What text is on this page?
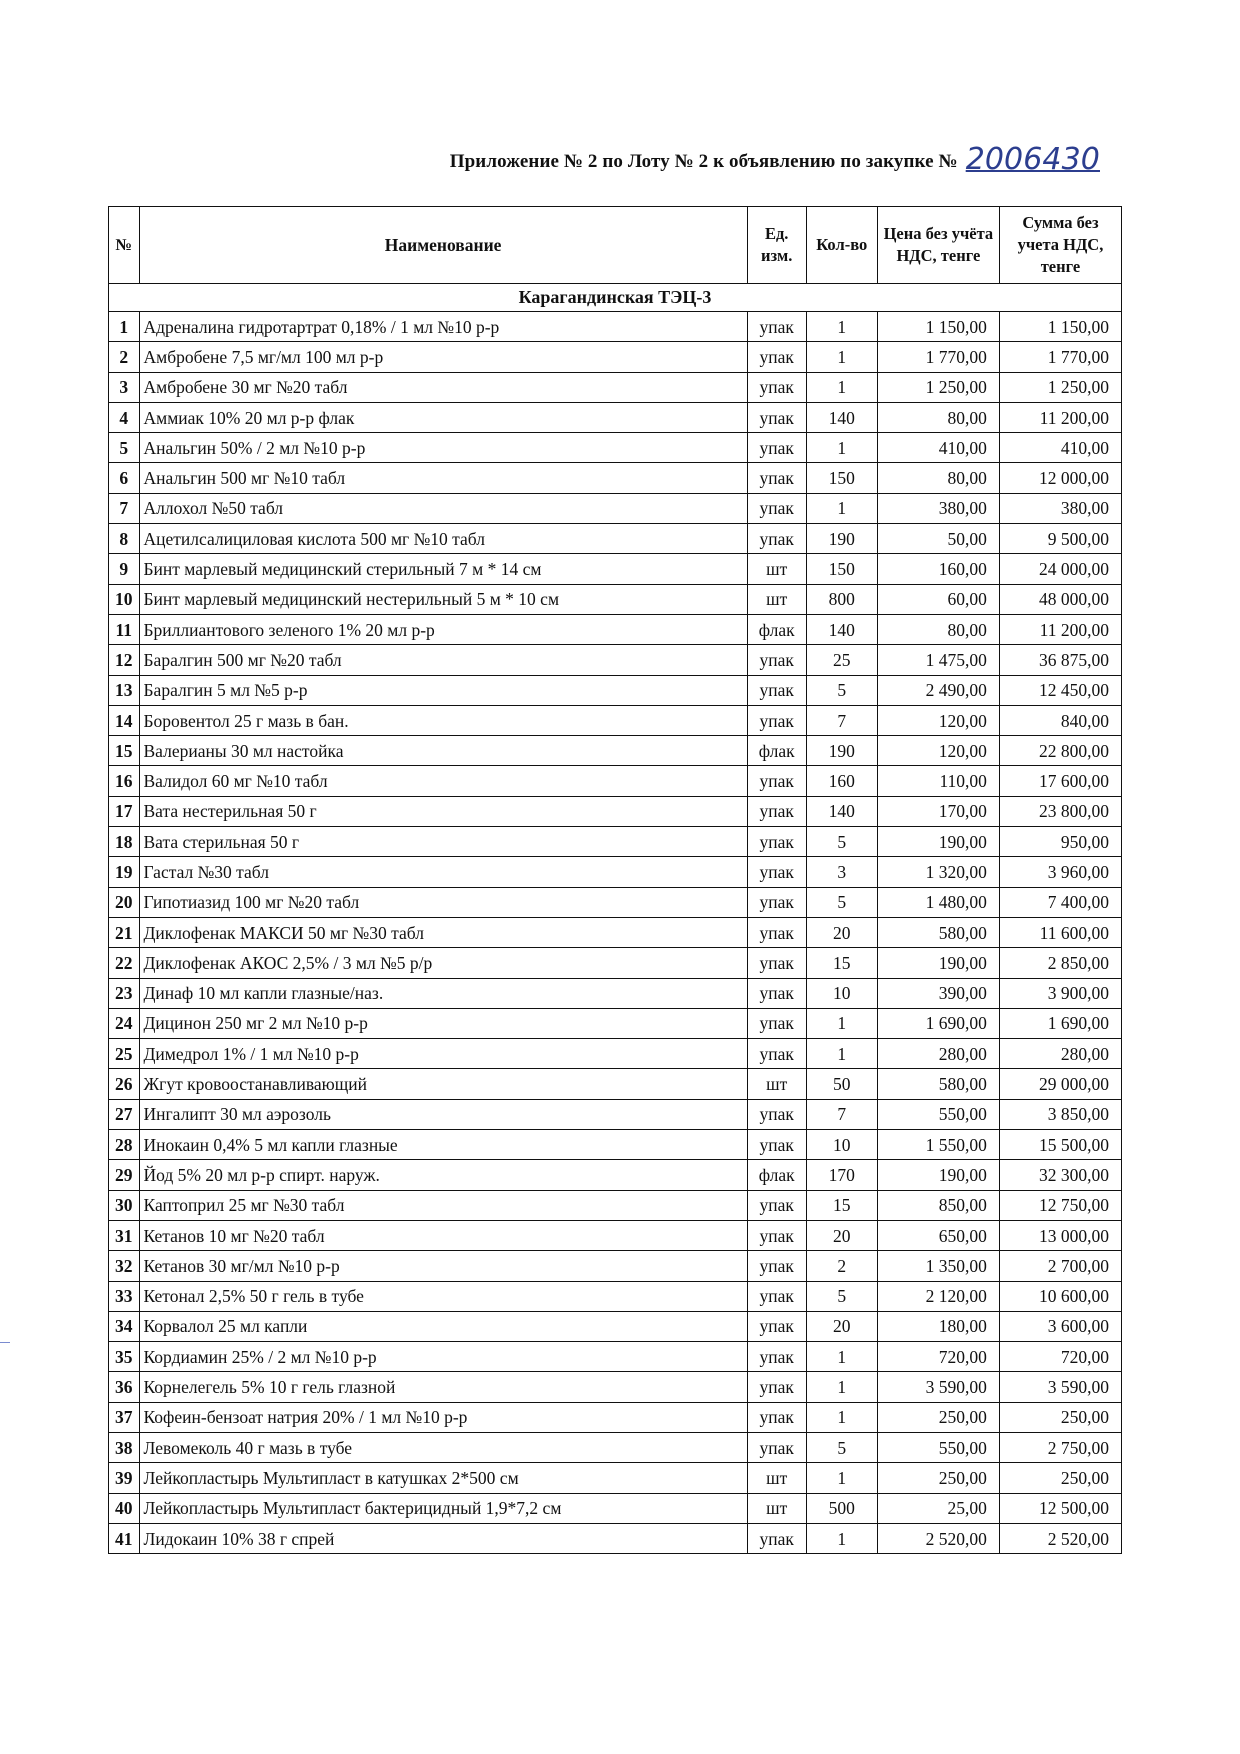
Приложение № 2 по Лоту № 2 к объявлению по закупке № 2006430
№	Наименование	Ед. изм.	Кол-во	Цена без учёта НДС, тенге	Сумма без учета НДС, тенге
Карагандинская ТЭЦ-3					
1	Адреналина гидротартрат 0,18% / 1 мл №10 р-р	упак	1	1 150,00	1 150,00
2	Амбробене 7,5 мг/мл 100 мл р-р	упак	1	1 770,00	1 770,00
3	Амбробене 30 мг №20 табл	упак	1	1 250,00	1 250,00
4	Аммиак 10% 20 мл р-р флак	упак	140	80,00	11 200,00
5	Анальгин 50% / 2 мл №10 р-р	упак	1	410,00	410,00
6	Анальгин 500 мг №10 табл	упак	150	80,00	12 000,00
7	Аллохол №50 табл	упак	1	380,00	380,00
8	Ацетилсалициловая кислота 500 мг №10 табл	упак	190	50,00	9 500,00
9	Бинт марлевый медицинский стерильный 7 м * 14 см	шт	150	160,00	24 000,00
10	Бинт марлевый медицинский нестерильный 5 м * 10 см	шт	800	60,00	48 000,00
11	Бриллиантового зеленого 1% 20 мл р-р	флак	140	80,00	11 200,00
12	Баралгин 500 мг №20 табл	упак	25	1 475,00	36 875,00
13	Баралгин 5 мл №5 р-р	упак	5	2 490,00	12 450,00
14	Боровентол 25 г мазь в бан.	упак	7	120,00	840,00
15	Валерианы 30 мл настойка	флак	190	120,00	22 800,00
16	Валидол 60 мг №10 табл	упак	160	110,00	17 600,00
17	Вата нестерильная 50 г	упак	140	170,00	23 800,00
18	Вата стерильная 50 г	упак	5	190,00	950,00
19	Гастал №30 табл	упак	3	1 320,00	3 960,00
20	Гипотиазид 100 мг №20 табл	упак	5	1 480,00	7 400,00
21	Диклофенак МАКСИ 50 мг №30 табл	упак	20	580,00	11 600,00
22	Диклофенак АКОС 2,5% / 3 мл №5 р/р	упак	15	190,00	2 850,00
23	Динаф 10 мл капли глазные/наз.	упак	10	390,00	3 900,00
24	Дицинон 250 мг 2 мл №10 р-р	упак	1	1 690,00	1 690,00
25	Димедрол 1% / 1 мл №10 р-р	упак	1	280,00	280,00
26	Жгут кровоостанавливающий	шт	50	580,00	29 000,00
27	Ингалипт 30 мл аэрозоль	упак	7	550,00	3 850,00
28	Инокаин 0,4% 5 мл капли глазные	упак	10	1 550,00	15 500,00
29	Йод 5% 20 мл р-р спирт. наруж.	флак	170	190,00	32 300,00
30	Каптоприл 25 мг №30 табл	упак	15	850,00	12 750,00
31	Кетанов 10 мг №20 табл	упак	20	650,00	13 000,00
32	Кетанов 30 мг/мл №10 р-р	упак	2	1 350,00	2 700,00
33	Кетонал 2,5% 50 г гель в тубе	упак	5	2 120,00	10 600,00
34	Корвалол 25 мл капли	упак	20	180,00	3 600,00
35	Кордиамин 25% / 2 мл №10 р-р	упак	1	720,00	720,00
36	Корнелегель 5% 10 г гель глазной	упак	1	3 590,00	3 590,00
37	Кофеин-бензоат натрия 20% / 1 мл №10 р-р	упак	1	250,00	250,00
38	Левомеколь 40 г мазь в тубе	упак	5	550,00	2 750,00
39	Лейкопластырь Мультипласт в катушках 2*500 см	шт	1	250,00	250,00
40	Лейкопластырь Мультипласт бактерицидный 1,9*7,2 см	шт	500	25,00	12 500,00
41	Лидокаин 10% 38 г спрей	упак	1	2 520,00	2 520,00
